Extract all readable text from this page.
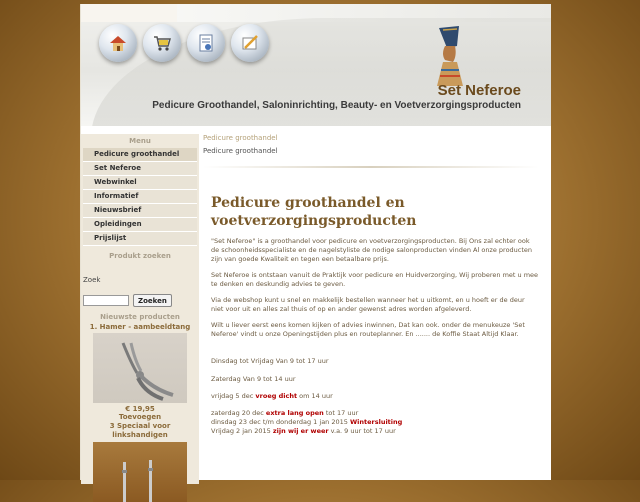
Set Neferoe
Pedicure Groothandel, Saloninrichting, Beauty- en Voetverzorgingsproducten
Menu
Pedicure groothandel
Set Neferoe
Webwinkel
Informatief
Nieuwsbrief
Opleidingen
Prijslijst
Produkt zoeken
Zoek
Zoeken
Nieuwste producten
1. Hamer - aambeeldtang
€ 19,95
Toevoegen
3 Speciaal voor linkshandigen
Pedicure groothandel
Pedicure groothandel
Pedicure groothandel en voetverzorgingsproducten

"Set Neferoe" is a groothandel voor pedicure en voetverzorgingsproducten. Bij Ons zal echter ook de schoonheidsspecialiste en de nagelstyliste de nodige salonproducten vinden Al onze producten zijn van goede Kwaliteit en tegen een betaalbare prijs.

Set Neferoe is ontstaan vanuit de Praktijk voor pedicure en Huidverzorging, Wij proberen met u mee te denken en deskundig advies te geven.

Via de webshop kunt u snel en makkelijk bestellen wanneer het u uitkomt, en u hoeft er de deur niet voor uit en alles zal thuis of op en ander gewenst adres worden afgeleverd.

Wilt u liever eerst eens komen kijken of advies inwinnen, Dat kan ook. onder de menukeuze 'Set Neferoe' vindt u onze Openingstijden plus en routeplanner. En ....... de Koffie Staat Altijd Klaar.

Dinsdag tot Vrijdag Van 9 tot 17 uur
Zaterdag Van 9 tot 14 uur
vrijdag 5 dec vroeg dicht om 14 uur
zaterdag 20 dec extra lang open tot 17 uur
dinsdag 23 dec t/m donderdag 1 jan 2015 Wintersluiting
Vrijdag 2 jan 2015 zijn wij er weer v.a. 9 uur tot 17 uur
